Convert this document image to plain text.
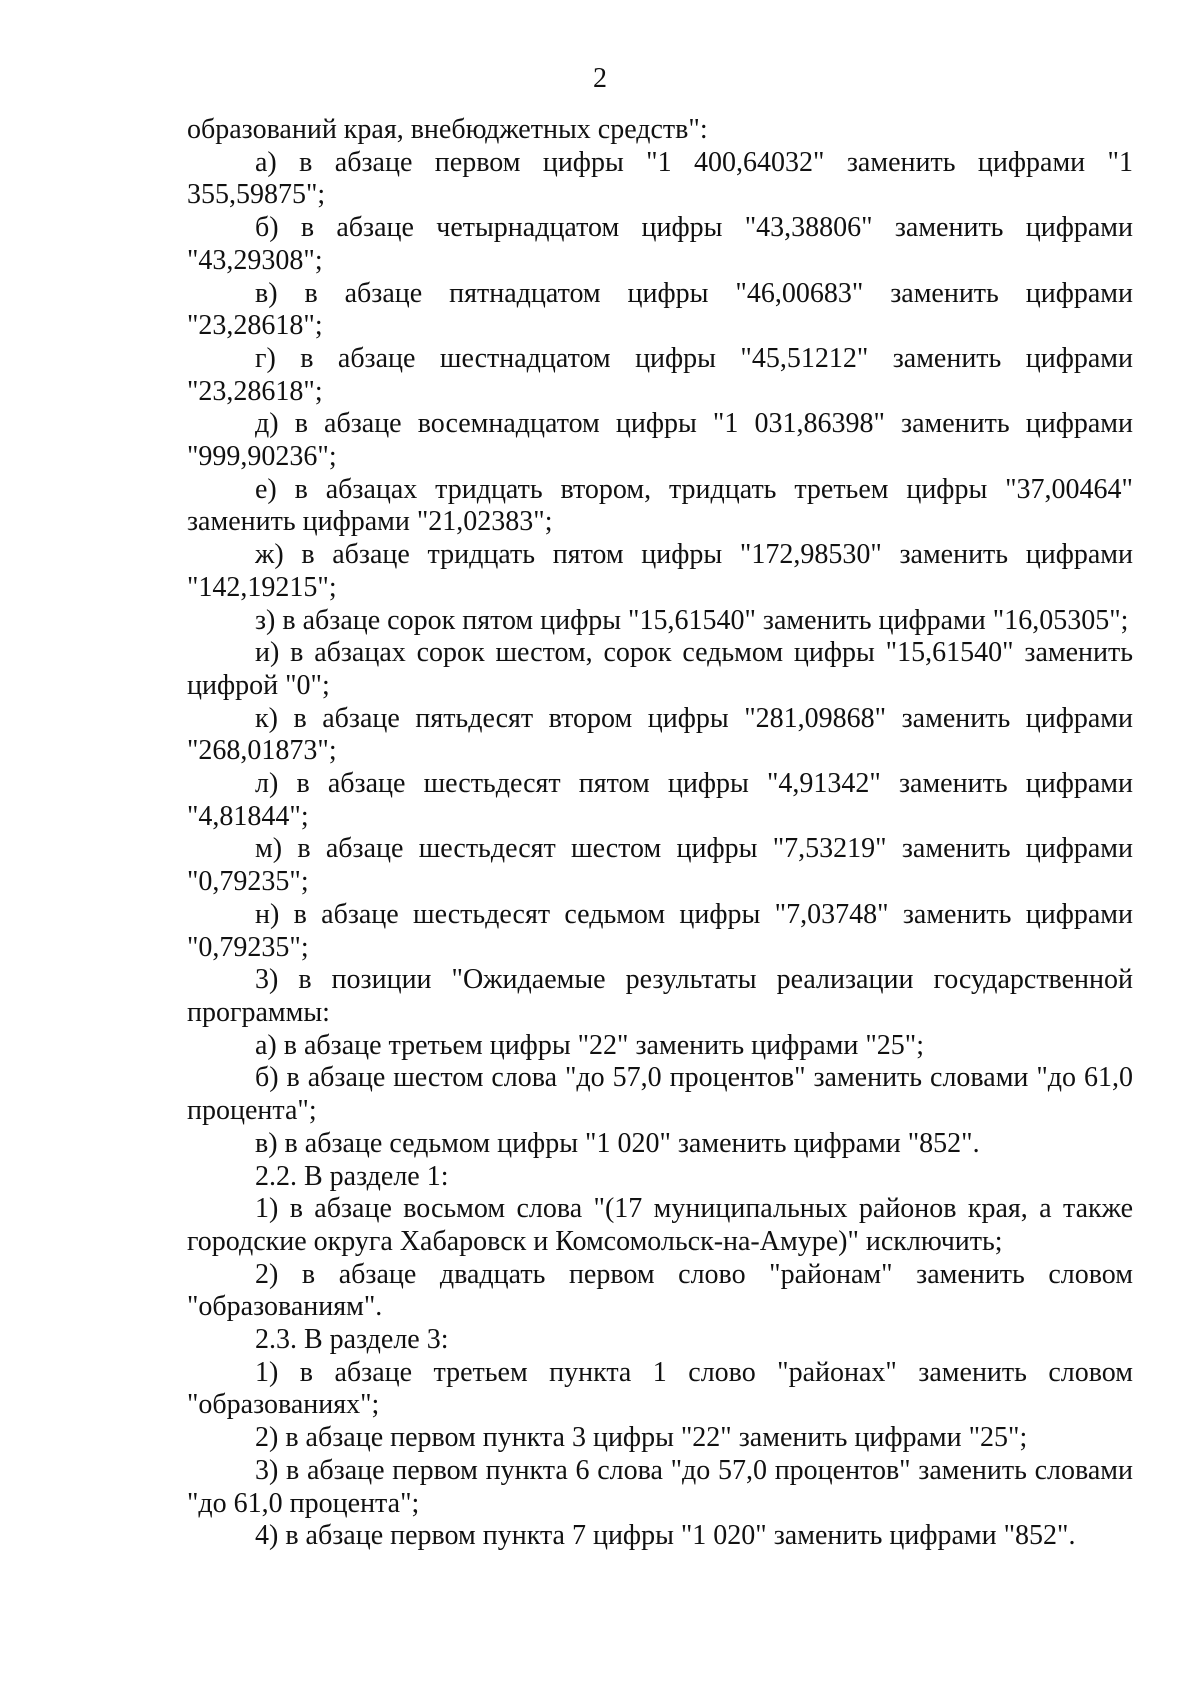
2

образований края, внебюджетных средств":

а) в абзаце первом цифры "1 400,64032" заменить цифрами "1 355,59875";

б) в абзаце четырнадцатом цифры "43,38806" заменить цифрами "43,29308";

в) в абзаце пятнадцатом цифры "46,00683" заменить цифрами "23,28618";

г) в абзаце шестнадцатом цифры "45,51212" заменить цифрами "23,28618";

д) в абзаце восемнадцатом цифры "1 031,86398" заменить цифрами "999,90236";

е) в абзацах тридцать втором, тридцать третьем цифры "37,00464" заменить цифрами "21,02383";

ж) в абзаце тридцать пятом цифры "172,98530" заменить цифрами "142,19215";

з) в абзаце сорок пятом цифры "15,61540" заменить цифрами "16,05305";

и) в абзацах сорок шестом, сорок седьмом цифры "15,61540" заменить цифрой "0";

к) в абзаце пятьдесят втором цифры "281,09868" заменить цифрами "268,01873";

л) в абзаце шестьдесят пятом цифры "4,91342" заменить цифрами "4,81844";

м) в абзаце шестьдесят шестом цифры "7,53219" заменить цифрами "0,79235";

н) в абзаце шестьдесят седьмом цифры "7,03748" заменить цифрами "0,79235";

3) в позиции "Ожидаемые результаты реализации государственной программы:

а) в абзаце третьем цифры "22" заменить цифрами "25";

б) в абзаце шестом слова "до 57,0 процентов" заменить словами "до 61,0 процента";

в) в абзаце седьмом цифры "1 020" заменить цифрами "852".

2.2. В разделе 1:

1) в абзаце восьмом слова "(17 муниципальных районов края, а также городские округа Хабаровск и Комсомольск-на-Амуре)" исключить;

2) в абзаце двадцать первом слово "районам" заменить словом "образованиям".

2.3. В разделе 3:

1) в абзаце третьем пункта 1 слово "районах" заменить словом "образованиях";

2) в абзаце первом пункта 3 цифры "22" заменить цифрами "25";

3) в абзаце первом пункта 6 слова "до 57,0 процентов" заменить словами "до 61,0 процента";

4) в абзаце первом пункта 7 цифры "1 020" заменить цифрами "852".
